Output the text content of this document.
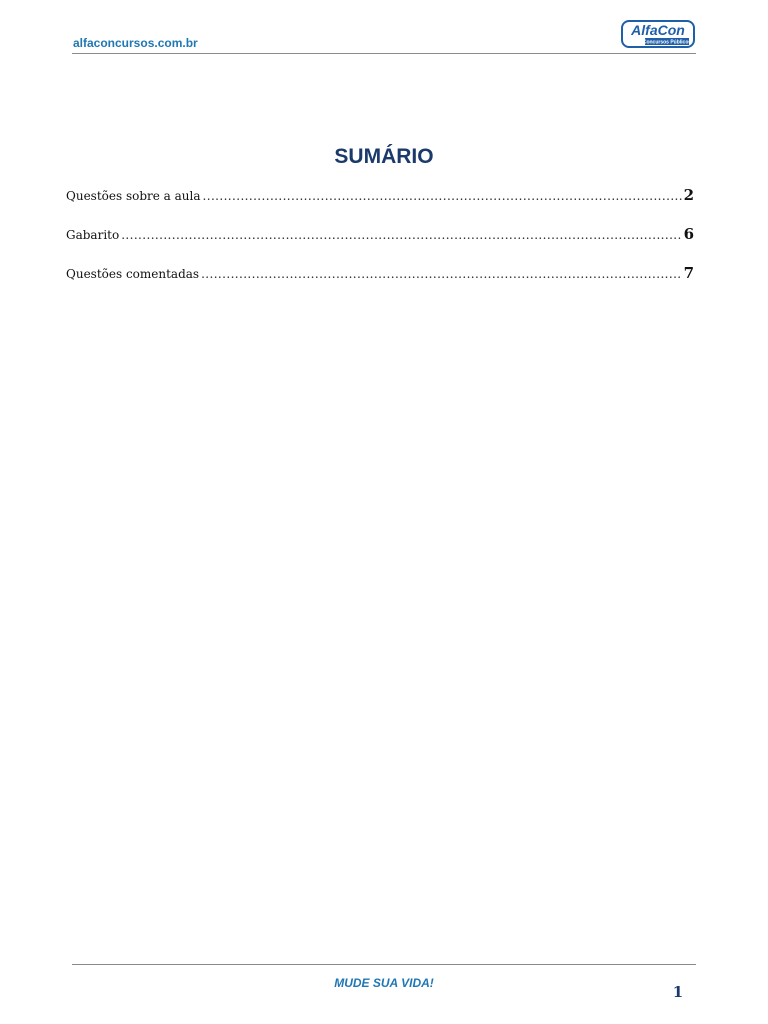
alfaconcursos.com.br
AlfaCon
Concursos Públicos
SUMÁRIO
Questões sobre a aula .....	2
Gabarito .....	6
Questões comentadas .....	7
MUDE SUA VIDA!	1
